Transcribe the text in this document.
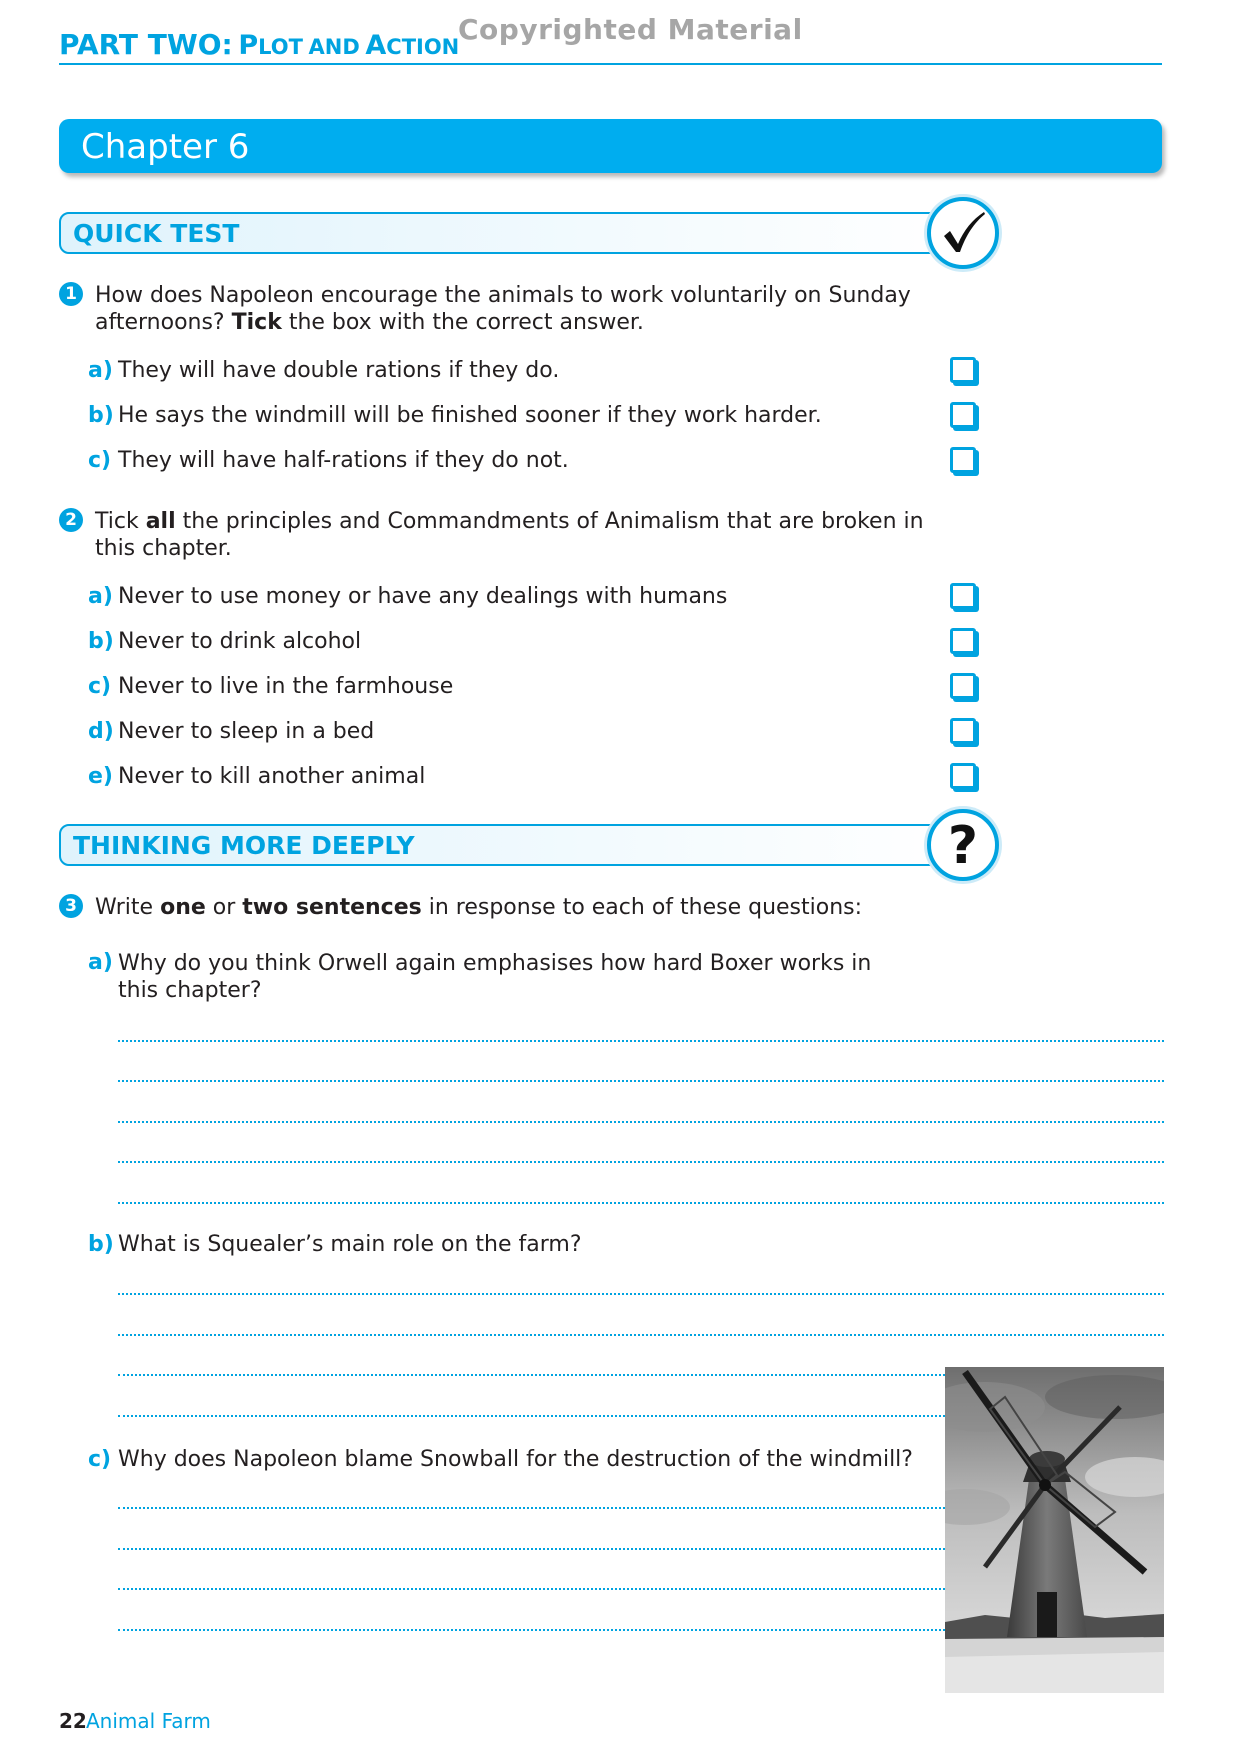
PART TWO: PLOT AND ACTION
Copyrighted Material
Chapter 6
QUICK TEST
1 How does Napoleon encourage the animals to work voluntarily on Sunday
afternoons? Tick the box with the correct answer.
a) They will have double rations if they do.
b) He says the windmill will be finished sooner if they work harder.
c) They will have half-rations if they do not.
2 Tick all the principles and Commandments of Animalism that are broken in
this chapter.
a) Never to use money or have any dealings with humans
b) Never to drink alcohol
c) Never to live in the farmhouse
d) Never to sleep in a bed
e) Never to kill another animal
THINKING MORE DEEPLY	?
3 Write one or two sentences in response to each of these questions:
a) Why do you think Orwell again emphasises how hard Boxer works in
this chapter?
b) What is Squealer’s main role on the farm?
c) Why does Napoleon blame Snowball for the destruction of the windmill?
22 Animal Farm
